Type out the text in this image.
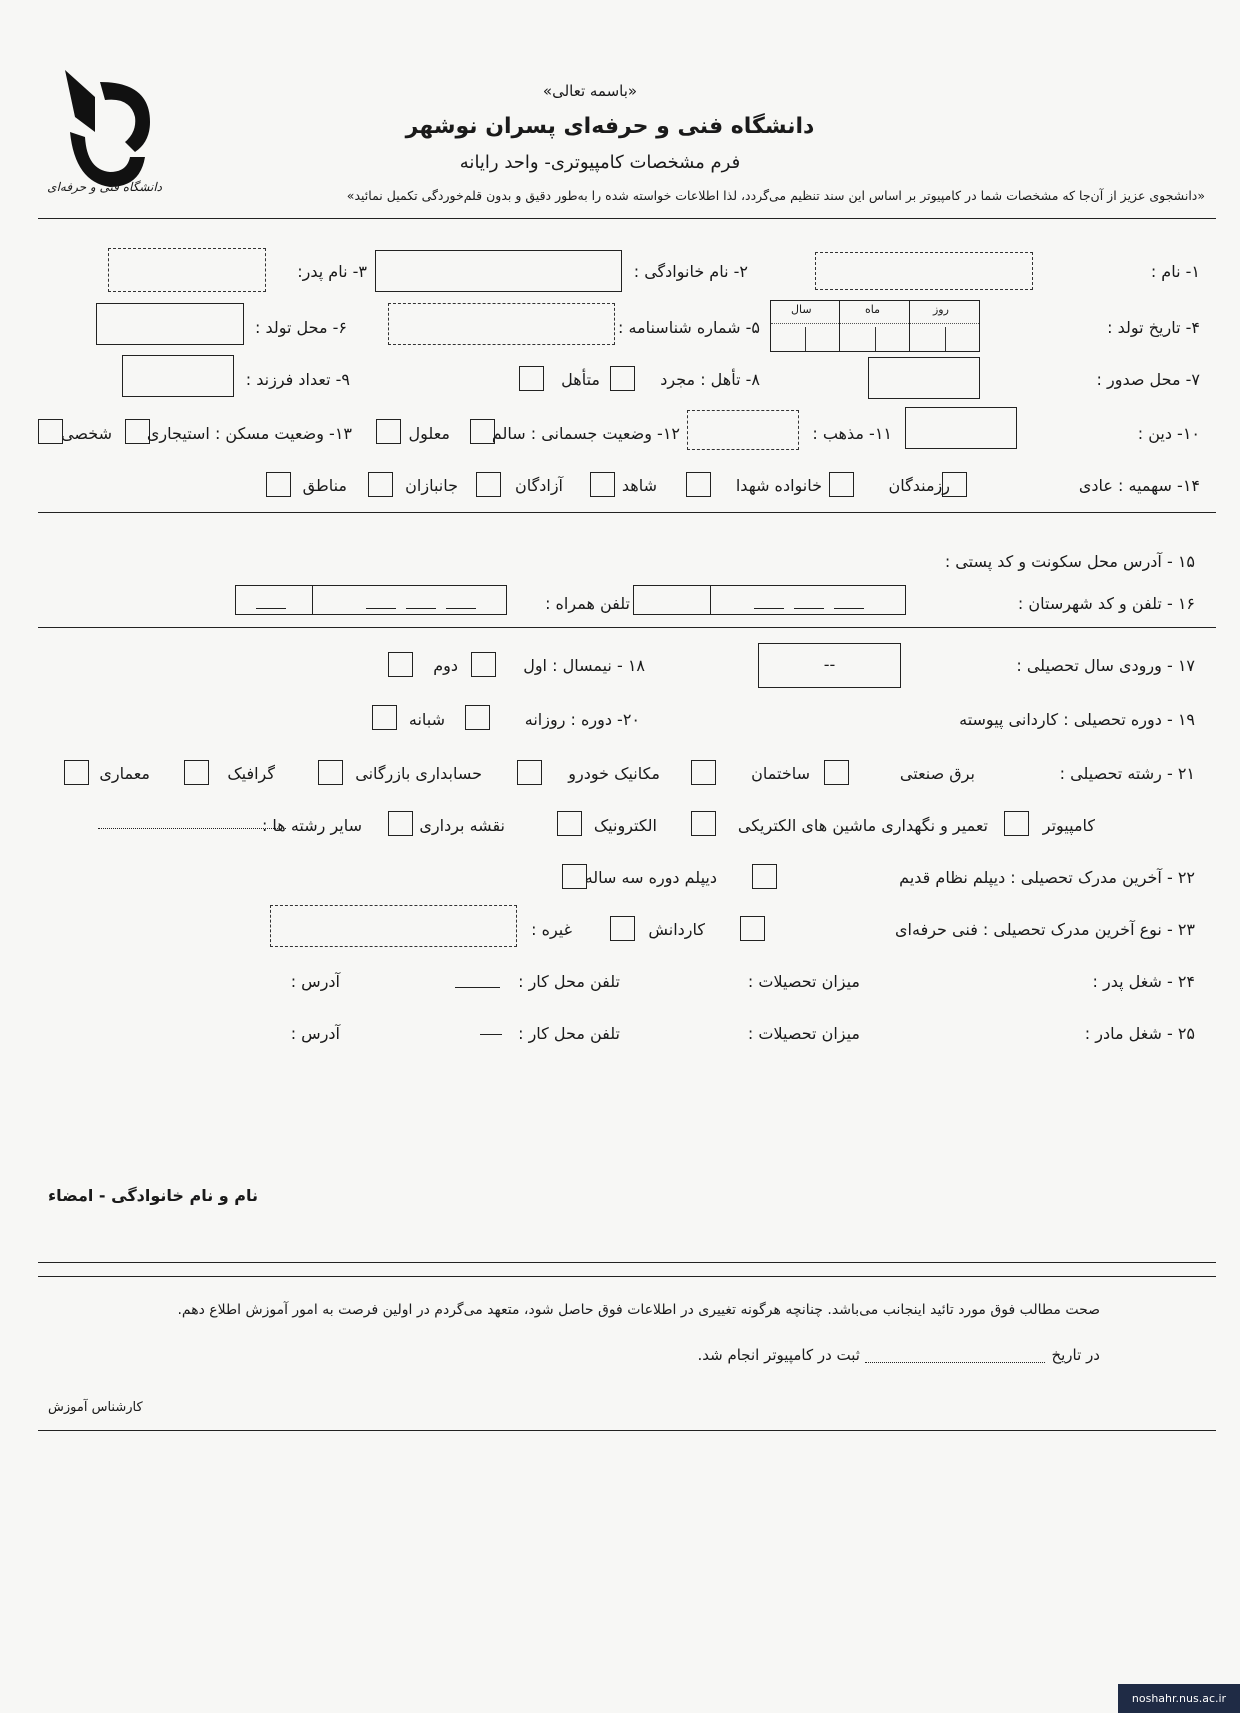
دانشگاه فنی و حرفه‌ای
«باسمه تعالی»
دانشگاه فنی و حرفه‌ای پسران نوشهر
فرم مشخصات کامپیوتری- واحد رایانه
«دانشجوی عزیز از آن‌جا که مشخصات شما در کامپیوتر بر اساس این سند تنظیم می‌گردد، لذا اطلاعات خواسته شده را به‌طور دقیق و بدون قلم‌خوردگی تکمیل نمائید»
۱- نام :
۲- نام خانوادگی :
۳- نام پدر:
۴- تاریخ تولد :
سال	ماه	روز
۵- شماره شناسنامه :
۶- محل تولد :
۷- محل صدور :
۸- تأهل : مجرد
متأهل
۹- تعداد فرزند :
۱۰- دین :
۱۱- مذهب :
۱۲- وضعیت جسمانی : سالم
معلول
۱۳- وضعیت مسکن : استیجاری
شخصی
۱۴- سهمیه : عادی
رزمندگان
خانواده شهدا
شاهد
آزادگان
جانبازان
مناطق
۱۵ - آدرس محل سکونت و کد پستی :
۱۶ - تلفن و کد شهرستان :
تلفن همراه :
۱۷ - ورودی سال تحصیلی :
--
۱۸ - نیمسال : اول
دوم
۱۹ - دوره تحصیلی : کاردانی پیوسته
۲۰- دوره : روزانه
شبانه
۲۱ - رشته تحصیلی :
برق صنعتی
ساختمان
مکانیک خودرو
حسابداری بازرگانی
گرافیک
معماری
کامپیوتر
تعمیر و نگهداری ماشین های الکتریکی
الکترونیک
نقشه برداری
سایر رشته ها :
۲۲ - آخرین مدرک تحصیلی : دیپلم نظام قدیم
دیپلم دوره سه ساله
۲۳ - نوع آخرین مدرک تحصیلی : فنی حرفه‌ای
کاردانش
غیره :
۲۴ - شغل پدر :
میزان تحصیلات :
تلفن محل کار :
آدرس :
۲۵ - شغل مادر :
میزان تحصیلات :
تلفن محل کار :
آدرس :
نام و نام خانوادگی - امضاء
صحت مطالب فوق مورد تائید اینجانب می‌باشد. چنانچه هرگونه تغییری در اطلاعات فوق حاصل شود، متعهد می‌گردم در اولین فرصت به امور آموزش اطلاع دهم.
در تاریخ
ثبت در کامپیوتر انجام شد.
کارشناس آموزش
noshahr.nus.ac.ir
